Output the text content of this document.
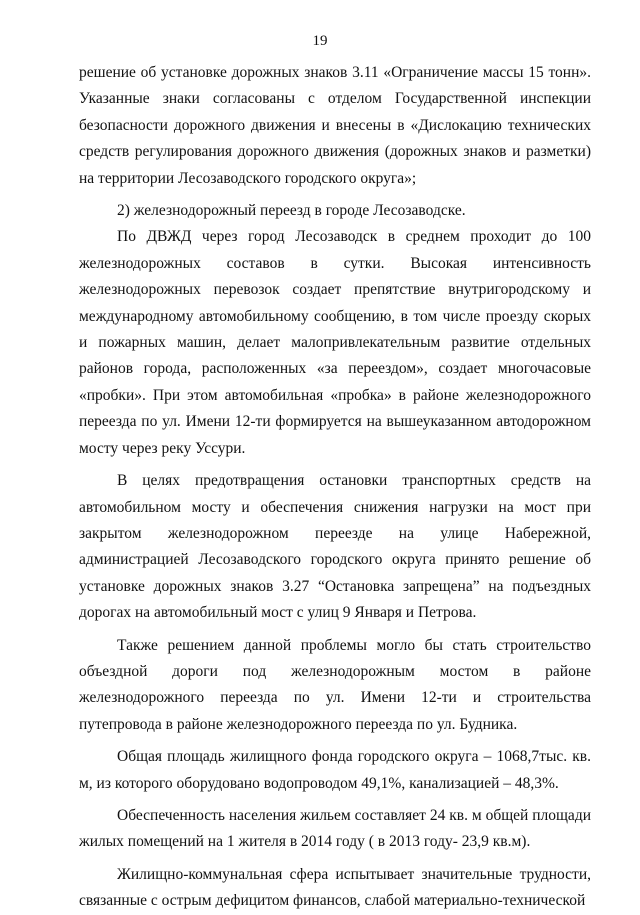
19

решение об установке дорожных знаков 3.11 «Ограничение массы 15 тонн». Указанные знаки согласованы с отделом Государственной инспекции безопасности дорожного движения и внесены в «Дислокацию технических средств регулирования дорожного движения (дорожных знаков и разметки) на территории Лесозаводского городского округа»;

2) железнодорожный переезд в городе Лесозаводске.

По ДВЖД через город Лесозаводск в среднем проходит до 100 железнодорожных составов в сутки. Высокая интенсивность железнодорожных перевозок создает препятствие внутригородскому и международному автомобильному сообщению, в том числе проезду скорых и пожарных машин, делает малопривлекательным развитие отдельных районов города, расположенных «за переездом», создает многочасовые «пробки». При этом автомобильная «пробка» в районе железнодорожного переезда по ул. Имени 12-ти формируется на вышеуказанном автодорожном мосту через реку Уссури.

В целях предотвращения остановки транспортных средств на автомобильном мосту и обеспечения снижения нагрузки на мост при закрытом железнодорожном переезде на улице Набережной, администрацией Лесозаводского городского округа принято решение об установке дорожных знаков 3.27 “Остановка запрещена” на подъездных дорогах на автомобильный мост с улиц 9 Января и Петрова.

Также решением данной проблемы могло бы стать строительство объездной дороги под железнодорожным мостом в районе железнодорожного переезда по ул. Имени 12-ти и строительства путепровода в районе железнодорожного переезда по ул. Будника.

Общая площадь жилищного фонда городского округа – 1068,7тыс. кв. м, из которого оборудовано водопроводом 49,1%, канализацией – 48,3%.

Обеспеченность населения жильем составляет 24 кв. м общей площади жилых помещений на 1 жителя в 2014 году ( в 2013 году- 23,9 кв.м).

Жилищно-коммунальная сфера испытывает значительные трудности, связанные с острым дефицитом финансов, слабой материально-технической
